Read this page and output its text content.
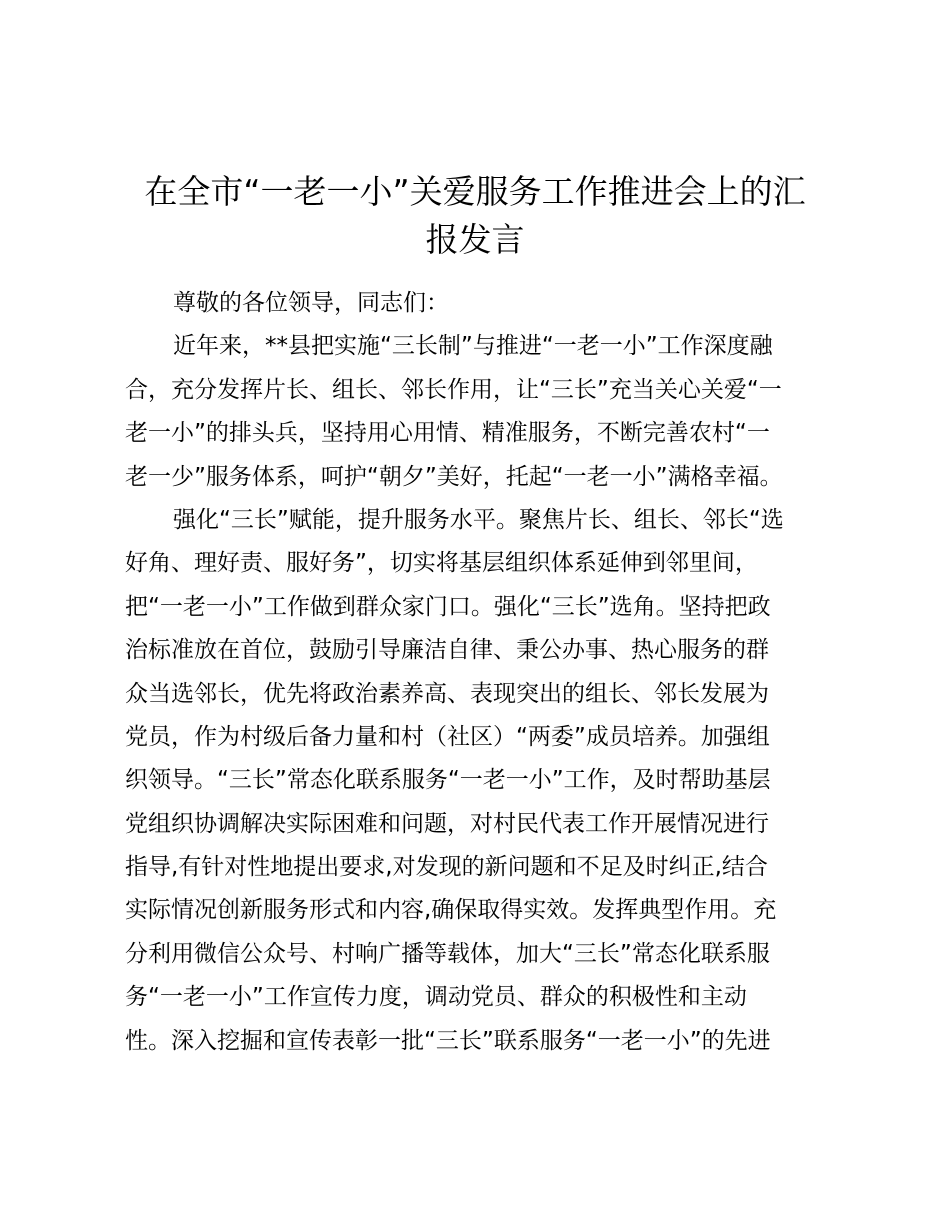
在全市“一老一小”关爱服务工作推进会上的汇
报发言
尊敬的各位领导，同志们：
近年来，**县把实施“三长制”与推进“一老一小”工作深度融
合，充分发挥片长、组长、邻长作用，让“三长”充当关心关爱“一
老一小”的排头兵，坚持用心用情、精准服务，不断完善农村“一
老一少”服务体系，呵护“朝夕”美好，托起“一老一小”满格幸福。
强化“三长”赋能，提升服务水平。聚焦片长、组长、邻长“选
好角、理好责、服好务”，切实将基层组织体系延伸到邻里间，
把“一老一小”工作做到群众家门口。强化“三长”选角。坚持把政
治标准放在首位，鼓励引导廉洁自律、秉公办事、热心服务的群
众当选邻长，优先将政治素养高、表现突出的组长、邻长发展为
党员，作为村级后备力量和村（社区）“两委”成员培养。加强组
织领导。“三长”常态化联系服务“一老一小”工作，及时帮助基层
党组织协调解决实际困难和问题，对村民代表工作开展情况进行
指导,有针对性地提出要求,对发现的新问题和不足及时纠正,结合
实际情况创新服务形式和内容,确保取得实效。发挥典型作用。充
分利用微信公众号、村响广播等载体，加大“三长”常态化联系服
务“一老一小”工作宣传力度，调动党员、群众的积极性和主动
性。深入挖掘和宣传表彰一批“三长”联系服务“一老一小”的先进
